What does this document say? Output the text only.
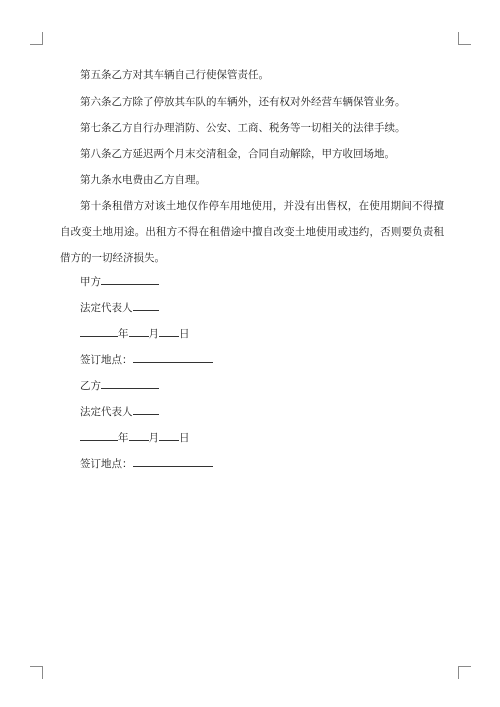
第五条乙方对其车辆自己行使保管责任。
第六条乙方除了停放其车队的车辆外，还有权对外经营车辆保管业务。
第七条乙方自行办理消防、公安、工商、税务等一切相关的法律手续。
第八条乙方延迟两个月末交清租金，合同自动解除，甲方收回场地。
第九条水电费由乙方自理。
第十条租借方对该土地仅作停车用地使用，并没有出售权，在使用期间不得擅自改变土地用途。出租方不得在租借途中擅自改变土地使用或违约，否则要负责租借方的一切经济损失。
甲方
法定代表人
年 月 日
签订地点：
乙方
法定代表人
年 月 日
签订地点：
